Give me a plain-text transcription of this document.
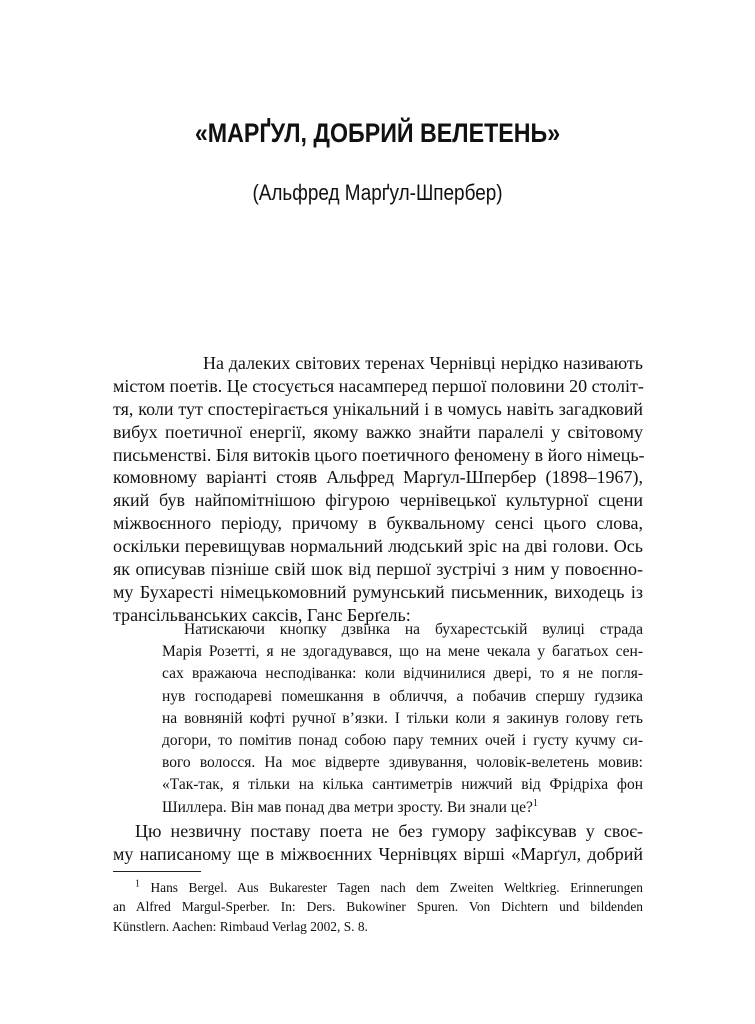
«МАРҐУЛ, ДОБРИЙ ВЕЛЕТЕНЬ»
(Альфред Марґул-Шпербер)
На далеких світових теренах Чернівці нерідко називають
містом поетів. Це стосується насамперед першої половини 20 століт-
тя, коли тут спостерігається унікальний і в чомусь навіть загадковий
вибух поетичної енергії, якому важко знайти паралелі у світовому
письменстві. Біля витоків цього поетичного феномену в його німець-
комовному варіанті стояв Альфред Марґул-Шпербер (1898–1967),
який був найпомітнішою фігурою чернівецької культурної сцени
міжвоєнного періоду, причому в буквальному сенсі цього слова,
оскільки перевищував нормальний людський зріс на дві голови. Ось
як описував пізніше свій шок від першої зустрічі з ним у повоєнно-
му Бухаресті німецькомовний румунський письменник, виходець із
трансільванських саксів, Ганс Берґель:
Натискаючи кнопку дзвінка на бухарестській вулиці страда
Марія Розетті, я не здогадувався, що на мене чекала у багатьох сен-
сах вражаюча несподіванка: коли відчинилися двері, то я не погля-
нув господареві помешкання в обличчя, а побачив спершу ґудзика
на вовняній кофті ручної в’язки. І тільки коли я закинув голову геть
догори, то помітив понад собою пару темних очей і густу кучму си-
вого волосся. На моє відверте здивування, чоловік-велетень мовив:
«Так-так, я тільки на кілька сантиметрів нижчий від Фрідріха фон
Шиллера. Він мав понад два метри зросту. Ви знали це?$^1$
Цю незвичну поставу поета не без гумору зафіксував у своє-
му написаному ще в міжвоєнних Чернівцях вірші «Марґул, добрий
$^1$ Hans Bergel. Aus Bukarester Tagen nach dem Zweiten Weltkrieg. Erinnerungen
an Alfred Margul-Sperber. In: Ders. Bukowiner Spuren. Von Dichtern und bildenden
Künstlern. Aachen: Rimbaud Verlag 2002, S. 8.
